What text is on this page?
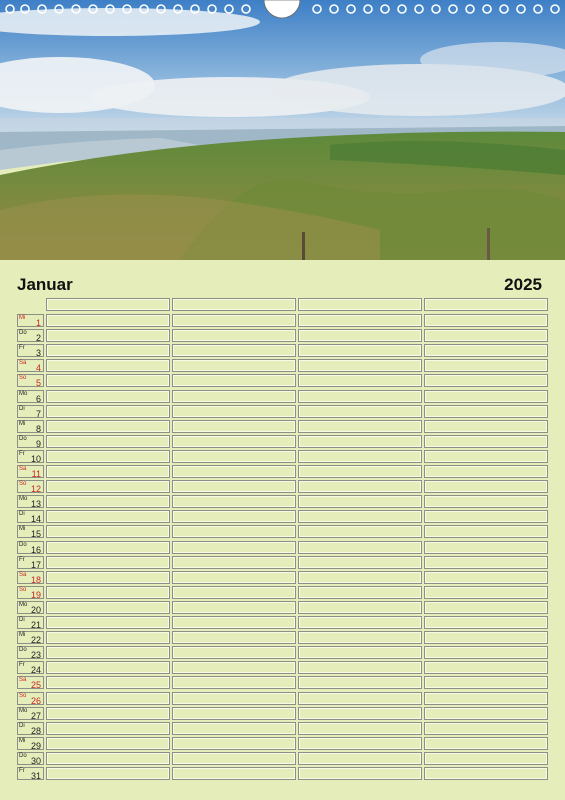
Januar	2025
Mi 1
Do 2
Fr 3
Sa 4
So 5
Mo 6
Di 7
Mi 8
Do 9
Fr 10
Sa 11
So 12
Mo 13
Di 14
Mi 15
Do 16
Fr 17
Sa 18
So 19
Mo 20
Di 21
Mi 22
Do 23
Fr 24
Sa 25
So 26
Mo 27
Di 28
Mi 29
Do 30
Fr 31
